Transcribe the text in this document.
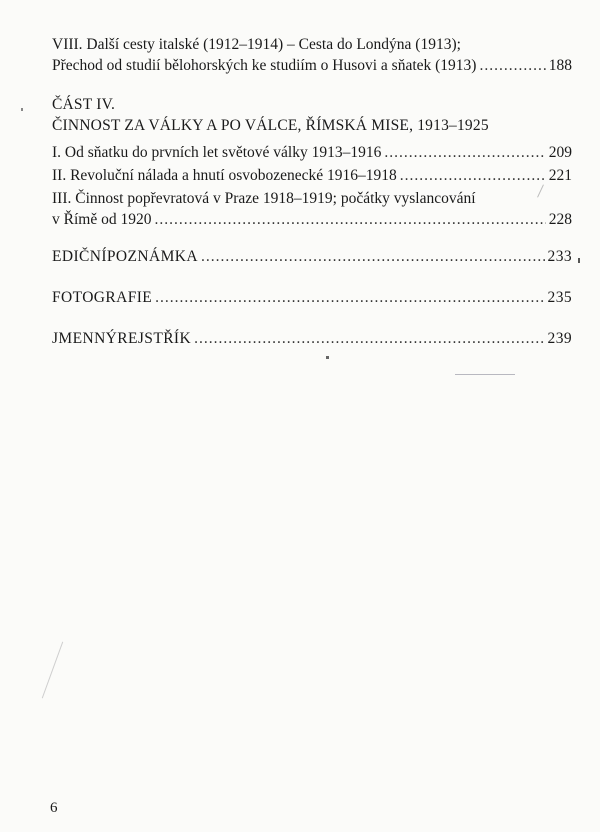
VIII. Další cesty italské (1912–1914) – Cesta do Londýna (1913);
Přechod od studií bělohorských ke studiím o Husovi a sňatek (1913) .....	188
ČÁST IV.
ČINNOST ZA VÁLKY A PO VÁLCE, ŘÍMSKÁ MISE, 1913–1925
I. Od sňatku do prvních let světové války 1913–1916 .....	209
II. Revoluční nálada a hnutí osvobozenecké 1916–1918 .....	221
III. Činnost popřevratová v Praze 1918–1919; počátky vyslancování
v Římě od 1920 .....	228
EDIČNÍPOZNÁMKA .....	233
FOTOGRAFIE .....	235
JMENNÝREJSTŘÍK .....	239
6
